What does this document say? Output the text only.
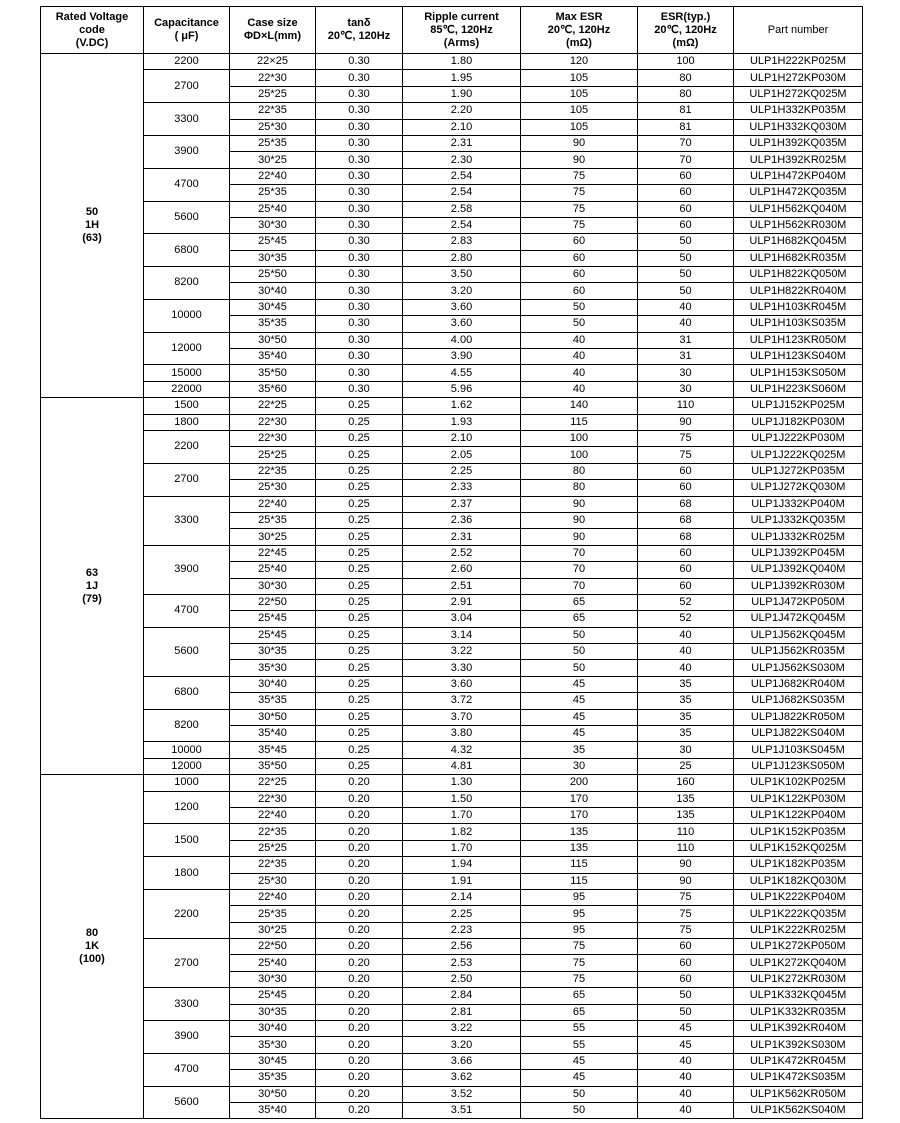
Rated Voltage
code
(V.DC)	Capacitance
( μF)	Case size
ΦD×L(mm)	tanδ
20℃, 120Hz	Ripple current
85℃, 120Hz
(Arms)	Max ESR
20℃, 120Hz
(mΩ)	ESR(typ.)
20℃, 120Hz
(mΩ)	Part number

50
1H
(63)	2200	22×25	0.30	1.80	120	100	ULP1H222KP025M
	2700	22*30	0.30	1.95	105	80	ULP1H272KP030M
		25*25	0.30	1.90	105	80	ULP1H272KQ025M
	3300	22*35	0.30	2.20	105	81	ULP1H332KP035M
		25*30	0.30	2.10	105	81	ULP1H332KQ030M
	3900	25*35	0.30	2.31	90	70	ULP1H392KQ035M
		30*25	0.30	2.30	90	70	ULP1H392KR025M
	4700	22*40	0.30	2.54	75	60	ULP1H472KP040M
		25*35	0.30	2.54	75	60	ULP1H472KQ035M
	5600	25*40	0.30	2.58	75	60	ULP1H562KQ040M
		30*30	0.30	2.54	75	60	ULP1H562KR030M
	6800	25*45	0.30	2.83	60	50	ULP1H682KQ045M
		30*35	0.30	2.80	60	50	ULP1H682KR035M
	8200	25*50	0.30	3.50	60	50	ULP1H822KQ050M
		30*40	0.30	3.20	60	50	ULP1H822KR040M
	10000	30*45	0.30	3.60	50	40	ULP1H103KR045M
		35*35	0.30	3.60	50	40	ULP1H103KS035M
	12000	30*50	0.30	4.00	40	31	ULP1H123KR050M
		35*40	0.30	3.90	40	31	ULP1H123KS040M
	15000	35*50	0.30	4.55	40	30	ULP1H153KS050M
	22000	35*60	0.30	5.96	40	30	ULP1H223KS060M

63
1J
(79)	1500	22*25	0.25	1.62	140	110	ULP1J152KP025M
	1800	22*30	0.25	1.93	115	90	ULP1J182KP030M
	2200	22*30	0.25	2.10	100	75	ULP1J222KP030M
		25*25	0.25	2.05	100	75	ULP1J222KQ025M
	2700	22*35	0.25	2.25	80	60	ULP1J272KP035M
		25*30	0.25	2.33	80	60	ULP1J272KQ030M
	3300	22*40	0.25	2.37	90	68	ULP1J332KP040M
		25*35	0.25	2.36	90	68	ULP1J332KQ035M
		30*25	0.25	2.31	90	68	ULP1J332KR025M
	3900	22*45	0.25	2.52	70	60	ULP1J392KP045M
		25*40	0.25	2.60	70	60	ULP1J392KQ040M
		30*30	0.25	2.51	70	60	ULP1J392KR030M
	4700	22*50	0.25	2.91	65	52	ULP1J472KP050M
		25*45	0.25	3.04	65	52	ULP1J472KQ045M
	5600	25*45	0.25	3.14	50	40	ULP1J562KQ045M
		30*35	0.25	3.22	50	40	ULP1J562KR035M
		35*30	0.25	3.30	50	40	ULP1J562KS030M
	6800	30*40	0.25	3.60	45	35	ULP1J682KR040M
		35*35	0.25	3.72	45	35	ULP1J682KS035M
	8200	30*50	0.25	3.70	45	35	ULP1J822KR050M
		35*40	0.25	3.80	45	35	ULP1J822KS040M
	10000	35*45	0.25	4.32	35	30	ULP1J103KS045M
	12000	35*50	0.25	4.81	30	25	ULP1J123KS050M

80
1K
(100)	1000	22*25	0.20	1.30	200	160	ULP1K102KP025M
	1200	22*30	0.20	1.50	170	135	ULP1K122KP030M
		22*40	0.20	1.70	170	135	ULP1K122KP040M
	1500	22*35	0.20	1.82	135	110	ULP1K152KP035M
		25*25	0.20	1.70	135	110	ULP1K152KQ025M
	1800	22*35	0.20	1.94	115	90	ULP1K182KP035M
		25*30	0.20	1.91	115	90	ULP1K182KQ030M
	2200	22*40	0.20	2.14	95	75	ULP1K222KP040M
		25*35	0.20	2.25	95	75	ULP1K222KQ035M
		30*25	0.20	2.23	95	75	ULP1K222KR025M
	2700	22*50	0.20	2.56	75	60	ULP1K272KP050M
		25*40	0.20	2.53	75	60	ULP1K272KQ040M
		30*30	0.20	2.50	75	60	ULP1K272KR030M
	3300	25*45	0.20	2.84	65	50	ULP1K332KQ045M
		30*35	0.20	2.81	65	50	ULP1K332KR035M
	3900	30*40	0.20	3.22	55	45	ULP1K392KR040M
		35*30	0.20	3.20	55	45	ULP1K392KS030M
	4700	30*45	0.20	3.66	45	40	ULP1K472KR045M
		35*35	0.20	3.62	45	40	ULP1K472KS035M
	5600	30*50	0.20	3.52	50	40	ULP1K562KR050M
		35*40	0.20	3.51	50	40	ULP1K562KS040M
